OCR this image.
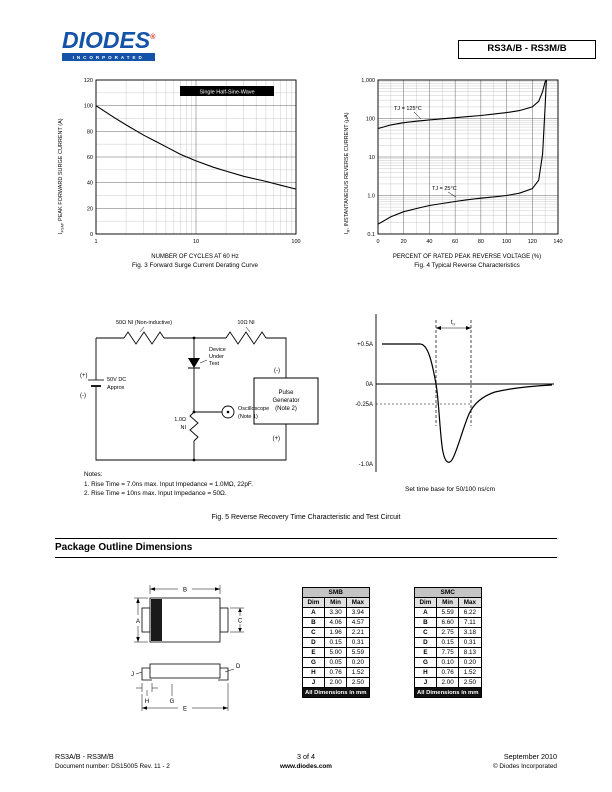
DIODES®
INCORPORATED
RS3A/B - RS3M/B
Single Half-Sine-Wave
0
20
40
60
80
100
120
1	10	100
$I_{FSM}$, PEAK FORWARD SURGE CURRENT (A)
NUMBER OF CYCLES AT 60 Hz
Fig. 3 Forward Surge Current Derating Curve
TJ = 125°C
TJ = 25°C
0.1
1.0
10
100
1,000
0	20	40	60	80	100	120	140
$I_R$, INSTANTANEOUS REVERSE CURRENT (µA)
PERCENT OF RATED PEAK REVERSE VOLTAGE (%)
Fig. 4 Typical Reverse Characteristics
50Ω NI (Non-inductive)	10Ω NI
Device
Under
Test
(+)
(-)
50V DC
Approx
1.0Ω
NI
Oscilloscope
(Note 1)
Pulse
Generator
(Note 2)
(-)
(+)
+0.5A
0A
-0.25A
-1.0A
$t_{rr}$
Set time base for 50/100 ns/cm
Notes:
1. Rise Time = 7.0ns max. Input Impedance = 1.0MΩ, 22pF.
2. Rise Time = 10ns max. Input Impedance = 50Ω.
Fig. 5 Reverse Recovery Time Characteristic and Test Circuit
Package Outline Dimensions
B
A	C
D
J
H	G
E
SMB		
Dim	Min	Max
A	3.30	3.94
B	4.06	4.57
C	1.96	2.21
D	0.15	0.31
E	5.00	5.59
G	0.05	0.20
H	0.76	1.52
J	2.00	2.50
All Dimensions in mm		
SMC		
Dim	Min	Max
A	5.59	6.22
B	6.60	7.11
C	2.75	3.18
D	0.15	0.31
E	7.75	8.13
G	0.10	0.20
H	0.76	1.52
J	2.00	2.50
All Dimensions in mm		
RS3A/B - RS3M/B
Document number: DS15005 Rev. 11 - 2
3 of 4
www.diodes.com
September 2010
© Diodes Incorporated
